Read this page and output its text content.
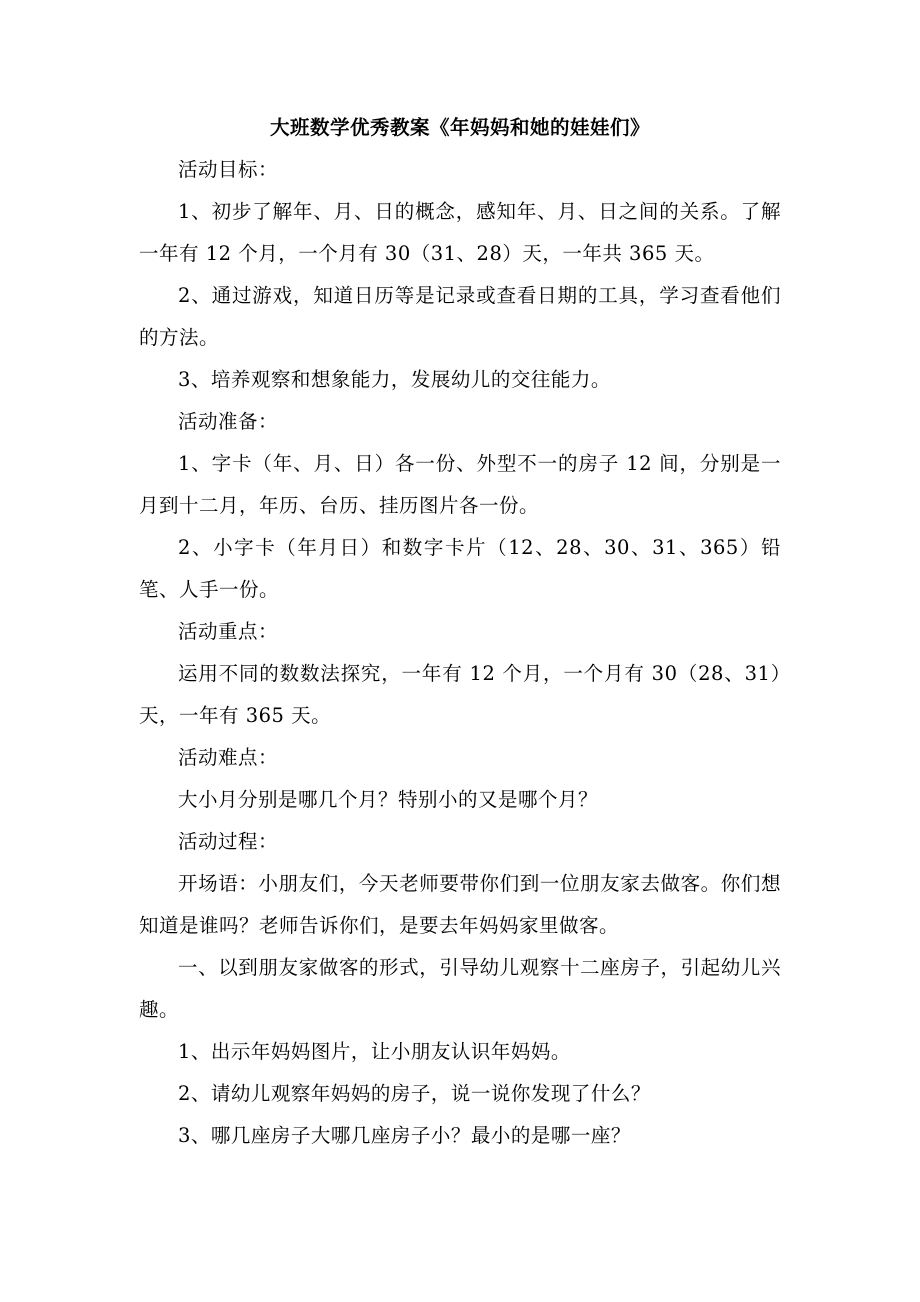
大班数学优秀教案《年妈妈和她的娃娃们》

活动目标：

1、初步了解年、月、日的概念，感知年、月、日之间的关系。了解一年有 12 个月，一个月有 30（31、28）天，一年共 365 天。

2、通过游戏，知道日历等是记录或查看日期的工具，学习查看他们的方法。

3、培养观察和想象能力，发展幼儿的交往能力。

活动准备：

1、字卡（年、月、日）各一份、外型不一的房子 12 间，分别是一月到十二月，年历、台历、挂历图片各一份。

2、小字卡（年月日）和数字卡片（12、28、30、31、365）铅笔、人手一份。

活动重点：

运用不同的数数法探究，一年有 12 个月，一个月有 30（28、31）天，一年有 365 天。

活动难点：

大小月分别是哪几个月？特别小的又是哪个月？

活动过程：

开场语：小朋友们，今天老师要带你们到一位朋友家去做客。你们想知道是谁吗？老师告诉你们，是要去年妈妈家里做客。

一、以到朋友家做客的形式，引导幼儿观察十二座房子，引起幼儿兴趣。

1、出示年妈妈图片，让小朋友认识年妈妈。

2、请幼儿观察年妈妈的房子，说一说你发现了什么？

3、哪几座房子大哪几座房子小？最小的是哪一座？
